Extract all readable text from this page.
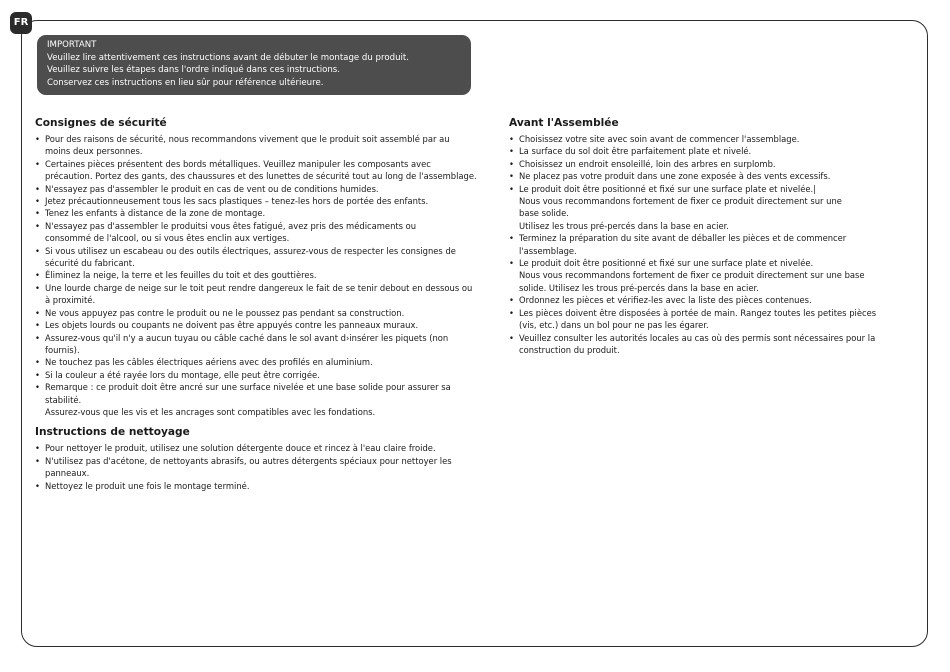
FR
IMPORTANT
Veuillez lire attentivement ces instructions avant de débuter le montage du produit.
Veuillez suivre les étapes dans l'ordre indiqué dans ces instructions.
Conservez ces instructions en lieu sûr pour référence ultérieure.
Consignes de sécurité
• Pour des raisons de sécurité, nous recommandons vivement que le produit soit assemblé par au
moins deux personnes.
• Certaines pièces présentent des bords métalliques. Veuillez manipuler les composants avec
précaution. Portez des gants, des chaussures et des lunettes de sécurité tout au long de l'assemblage.
• N'essayez pas d'assembler le produit en cas de vent ou de conditions humides.
• Jetez précautionneusement tous les sacs plastiques – tenez-les hors de portée des enfants.
• Tenez les enfants à distance de la zone de montage.
• N'essayez pas d'assembler le produitsi vous êtes fatigué, avez pris des médicaments ou
consommé de l'alcool, ou si vous êtes enclin aux vertiges.
• Si vous utilisez un escabeau ou des outils électriques, assurez-vous de respecter les consignes de
sécurité du fabricant.
• Éliminez la neige, la terre et les feuilles du toit et des gouttières.
• Une lourde charge de neige sur le toit peut rendre dangereux le fait de se tenir debout en dessous ou
à proximité.
• Ne vous appuyez pas contre le produit ou ne le poussez pas pendant sa construction.
• Les objets lourds ou coupants ne doivent pas être appuyés contre les panneaux muraux.
• Assurez-vous qu'il n'y a aucun tuyau ou câble caché dans le sol avant d›insérer les piquets (non
fournis).
• Ne touchez pas les câbles électriques aériens avec des profilés en aluminium.
• Si la couleur a été rayée lors du montage, elle peut être corrigée.
• Remarque : ce produit doit être ancré sur une surface nivelée et une base solide pour assurer sa
stabilité.
Assurez-vous que les vis et les ancrages sont compatibles avec les fondations.
Instructions de nettoyage
• Pour nettoyer le produit, utilisez une solution détergente douce et rincez à l'eau claire froide.
• N'utilisez pas d'acétone, de nettoyants abrasifs, ou autres détergents spéciaux pour nettoyer les
panneaux.
• Nettoyez le produit une fois le montage terminé.
Avant l'Assemblée
• Choisissez votre site avec soin avant de commencer l'assemblage.
• La surface du sol doit être parfaitement plate et nivelé.
• Choisissez un endroit ensoleillé, loin des arbres en surplomb.
• Ne placez pas votre produit dans une zone exposée à des vents excessifs.
• Le produit doit être positionné et fixé sur une surface plate et nivelée.|
Nous vous recommandons fortement de fixer ce produit directement sur une
base solide.
Utilisez les trous pré-percés dans la base en acier.
• Terminez la préparation du site avant de déballer les pièces et de commencer
l'assemblage.
• Le produit doit être positionné et fixé sur une surface plate et nivelée.
Nous vous recommandons fortement de fixer ce produit directement sur une base
solide. Utilisez les trous pré-percés dans la base en acier.
• Ordonnez les pièces et vérifiez-les avec la liste des pièces contenues.
• Les pièces doivent être disposées à portée de main. Rangez toutes les petites pièces
(vis, etc.) dans un bol pour ne pas les égarer.
• Veuillez consulter les autorités locales au cas où des permis sont nécessaires pour la
construction du produit.
